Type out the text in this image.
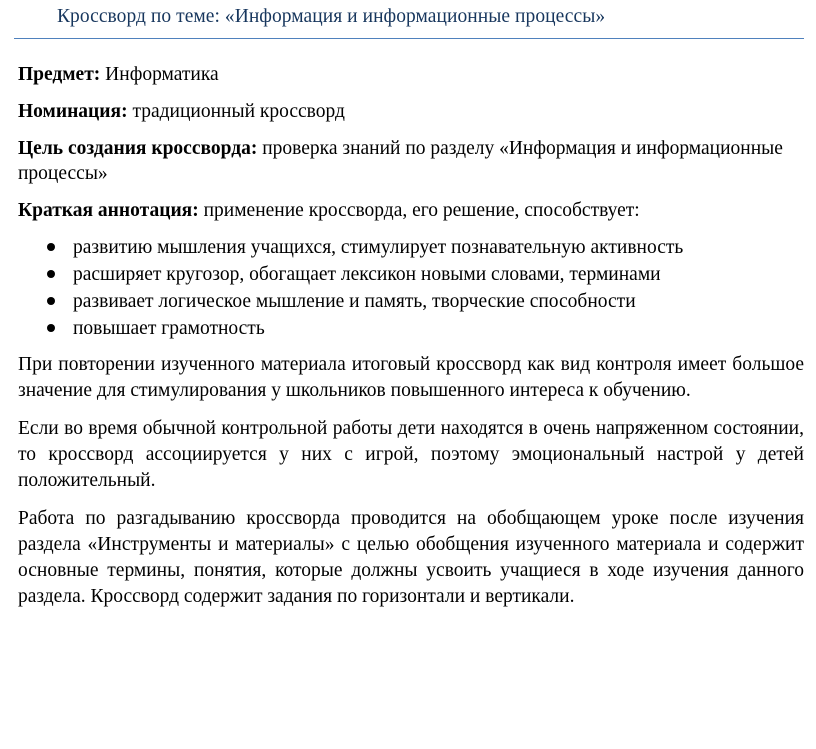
Кроссворд по теме: «Информация и информационные процессы»

Предмет: Информатика

Номинация: традиционный кроссворд

Цель создания кроссворда: проверка знаний по разделу «Информация и информационные процессы»

Краткая аннотация: применение кроссворда, его решение, способствует:

развитию мышления учащихся, стимулирует познавательную активность
расширяет кругозор, обогащает лексикон новыми словами, терминами
развивает логическое мышление и память, творческие способности
повышает грамотность

При повторении изученного материала итоговый кроссворд как вид контроля имеет большое значение для стимулирования у школьников повышенного интереса к обучению.

Если во время обычной контрольной работы дети находятся в очень напряженном состоянии, то кроссворд ассоциируется у них с игрой, поэтому эмоциональный настрой у детей положительный.

Работа по разгадыванию кроссворда проводится на обобщающем уроке после изучения раздела «Инструменты и материалы» с целью обобщения изученного материала и содержит основные термины, понятия, которые должны усвоить учащиеся в ходе изучения данного раздела. Кроссворд содержит задания по горизонтали и вертикали.
